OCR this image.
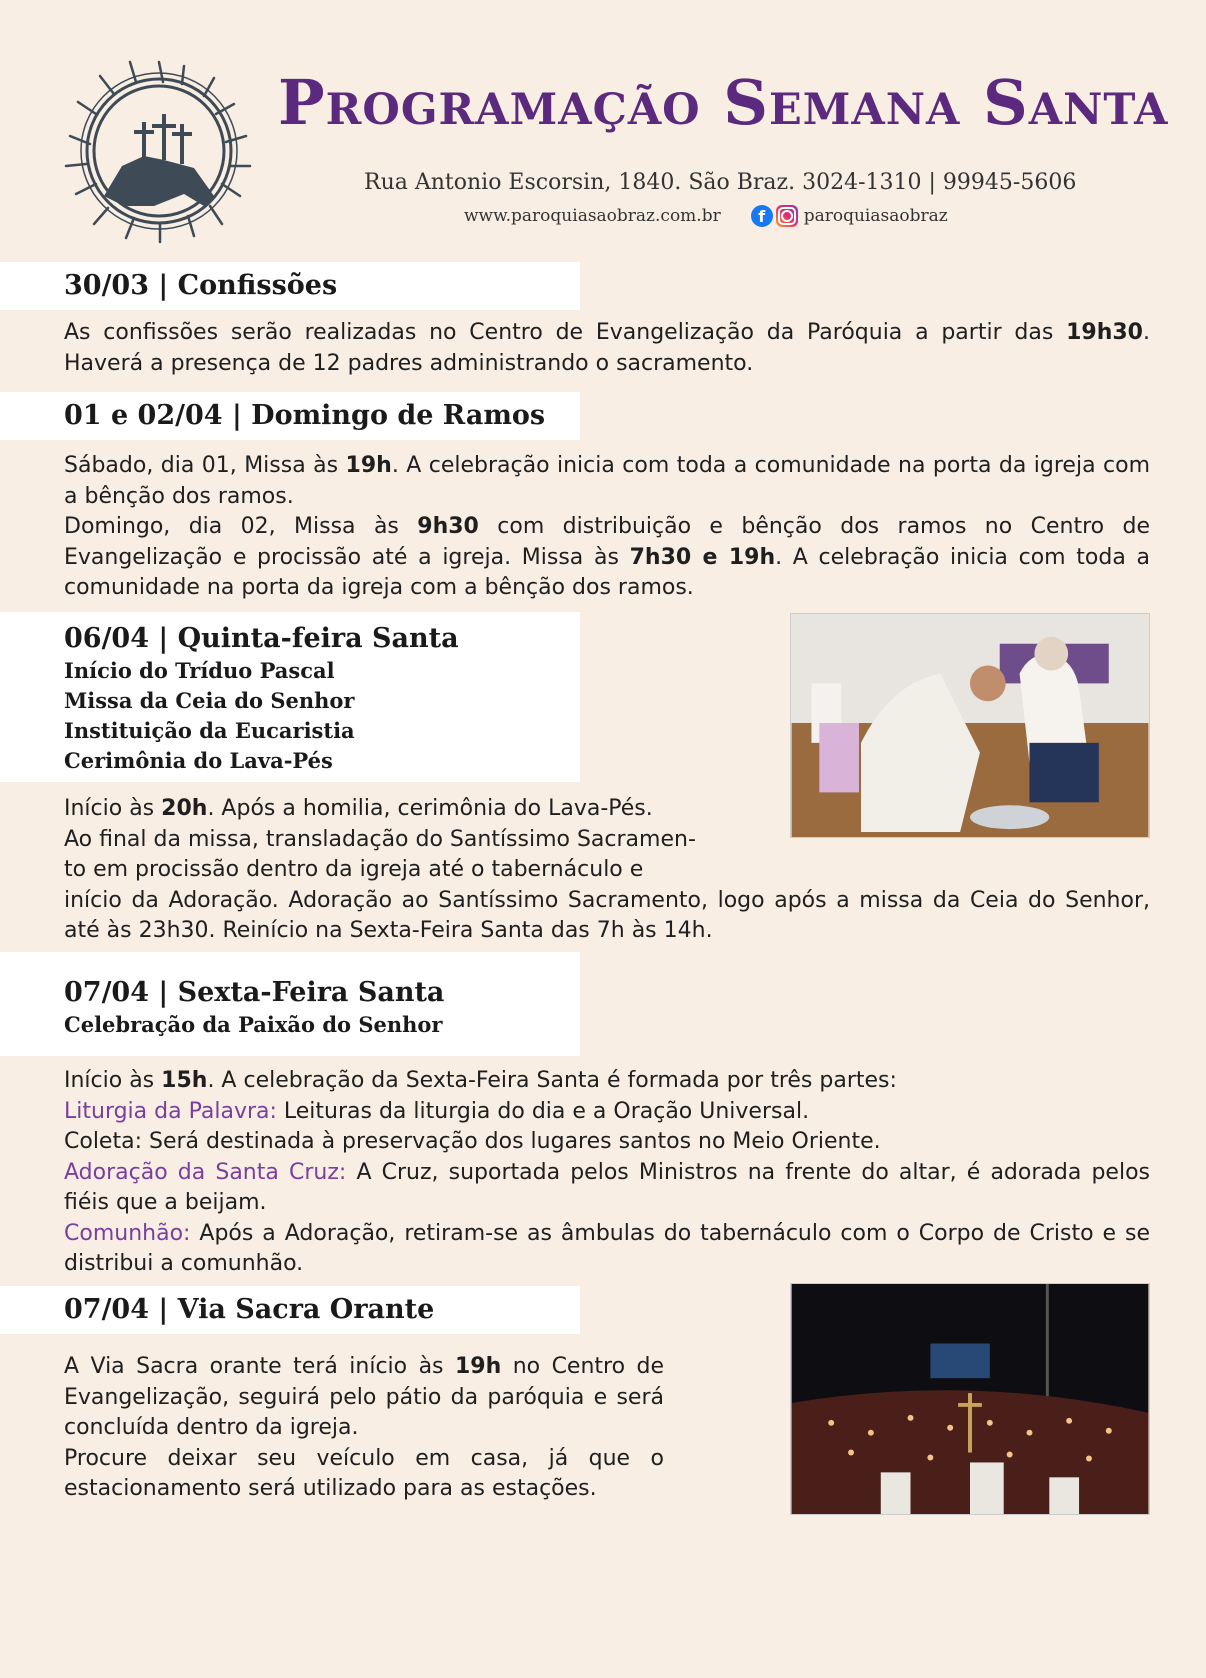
Programação Semana Santa
Rua Antonio Escorsin, 1840. São Braz. 3024-1310 | 99945-5606
www.paroquiasaobraz.com.br	f	paroquiasaobraz
30/03 | Confissões
As confissões serão realizadas no Centro de Evangelização da Paróquia a partir das 19h30. Haverá a presença de 12 padres administrando o sacramento.
01 e 02/04 | Domingo de Ramos
Sábado, dia 01, Missa às 19h. A celebração inicia com toda a comunidade na porta da igreja com a bênção dos ramos.
Domingo, dia 02, Missa às 9h30 com distribuição e bênção dos ramos no Centro de Evangelização e procissão até a igreja. Missa às 7h30 e 19h. A celebração inicia com toda a comunidade na porta da igreja com a bênção dos ramos.
06/04 | Quinta-feira Santa
Início do Tríduo Pascal
Missa da Ceia do Senhor
Instituição da Eucaristia
Cerimônia do Lava-Pés
Início às 20h. Após a homilia, cerimônia do Lava-Pés.
Ao final da missa, transladação do Santíssimo Sacramen-
to em procissão dentro da igreja até o tabernáculo e
início da Adoração. Adoração ao Santíssimo Sacramento, logo após a missa da Ceia do Senhor, até às 23h30. Reinício na Sexta-Feira Santa das 7h às 14h.
07/04 | Sexta-Feira Santa
Celebração da Paixão do Senhor
Início às 15h. A celebração da Sexta-Feira Santa é formada por três partes:
Liturgia da Palavra: Leituras da liturgia do dia e a Oração Universal.
Coleta: Será destinada à preservação dos lugares santos no Meio Oriente.
Adoração da Santa Cruz: A Cruz, suportada pelos Ministros na frente do altar, é adorada pelos fiéis que a beijam.
Comunhão: Após a Adoração, retiram-se as âmbulas do tabernáculo com o Corpo de Cristo e se distribui a comunhão.
07/04 | Via Sacra Orante
A Via Sacra orante terá início às 19h no Centro de Evangelização, seguirá pelo pátio da paróquia e será concluída dentro da igreja.
Procure deixar seu veículo em casa, já que o estacionamento será utilizado para as estações.
